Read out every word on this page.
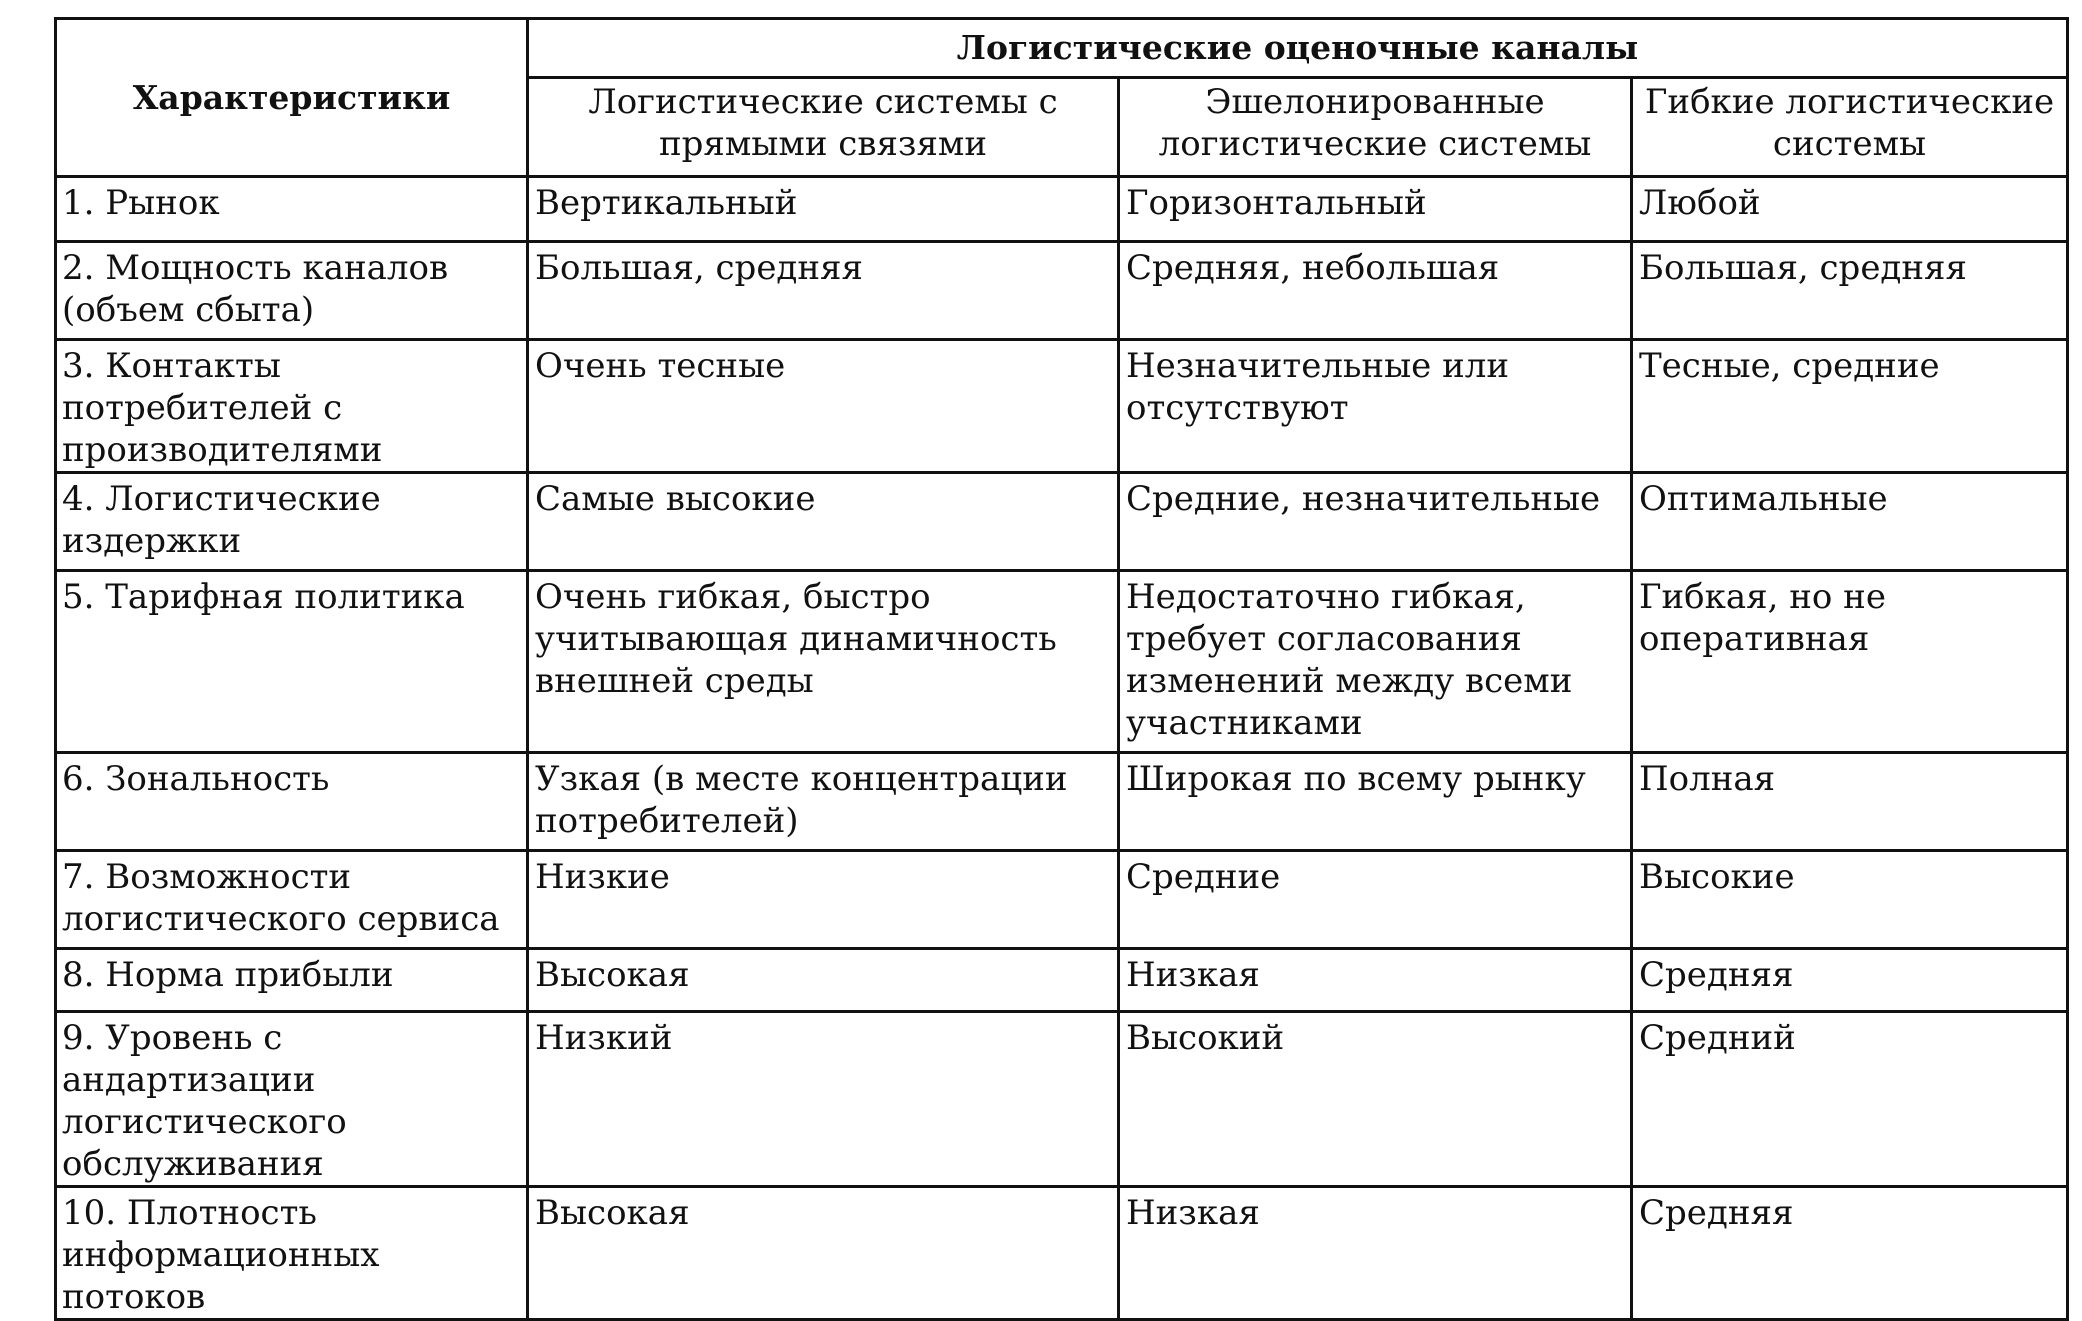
Характеристики	Логистические оценочные каналы		
	Логистические системы с прямыми связями	Эшелонированные логистические системы	Гибкие логистические системы
1. Рынок	Вертикальный	Горизонтальный	Любой
2. Мощность каналов (объем сбыта)	Большая, средняя	Средняя, небольшая	Большая, средняя
3. Контакты потребителей с производителями	Очень тесные	Незначительные или отсутствуют	Тесные, средние
4. Логистические издержки	Самые высокие	Средние, незначительные	Оптимальные
5. Тарифная политика	Очень гибкая, быстро учитывающая динамичность внешней среды	Недостаточно гибкая, требует согласования изменений между всеми участниками	Гибкая, но не оперативная
6. Зональность	Узкая (в месте концентрации потребителей)	Широкая по всему рынку	Полная
7. Возможности логистического сервиса	Низкие	Средние	Высокие
8. Норма прибыли	Высокая	Низкая	Средняя
9. Уровень с андартизации логистического обслуживания	Низкий	Высокий	Средний
10. Плотность информационных потоков	Высокая	Низкая	Средняя
